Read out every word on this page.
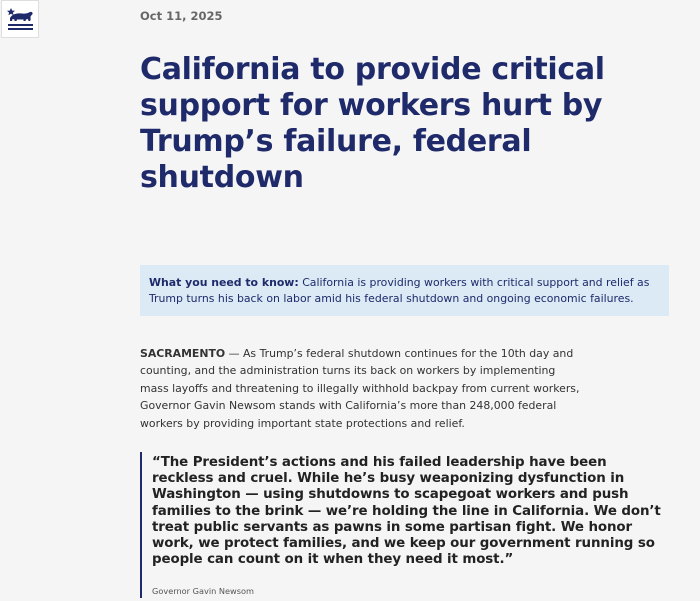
Oct 11, 2025
California to provide critical support for workers hurt by Trump’s failure, federal shutdown
What you need to know: California is providing workers with critical support and relief as Trump turns his back on labor amid his federal shutdown and ongoing economic failures.

SACRAMENTO — As Trump’s federal shutdown continues for the 10th day and counting, and the administration turns its back on workers by implementing mass layoffs and threatening to illegally withhold backpay from current workers, Governor Gavin Newsom stands with California’s more than 248,000 federal workers by providing important state protections and relief.

“The President’s actions and his failed leadership have been reckless and cruel. While he’s busy weaponizing dysfunction in Washington — using shutdowns to scapegoat workers and push families to the brink — we’re holding the line in California. We don’t treat public servants as pawns in some partisan fight. We honor work, we protect families, and we keep our government running so people can count on it when they need it most.”

Governor Gavin Newsom
